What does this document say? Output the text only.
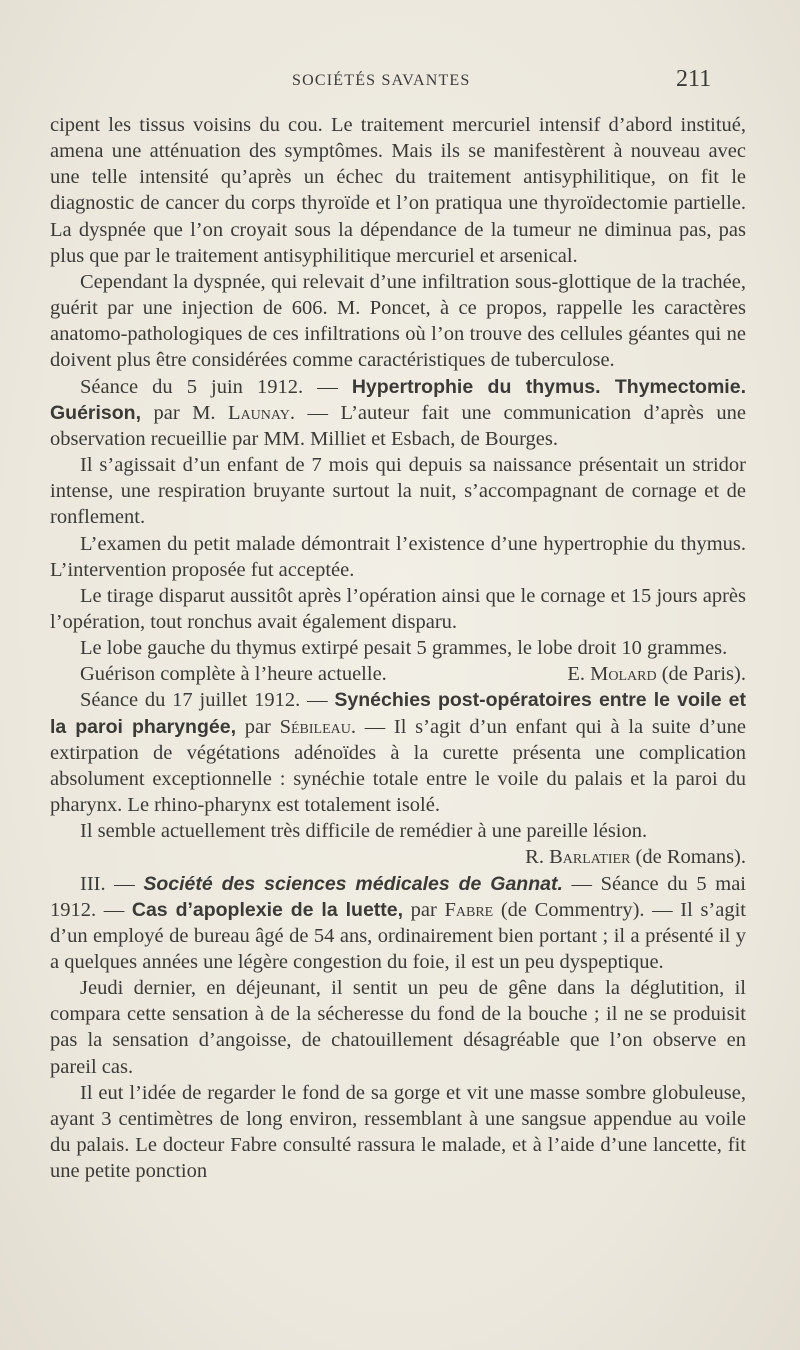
SOCIÉTÉS SAVANTES	211

cipent les tissus voisins du cou. Le traitement mercuriel intensif d’abord institué, amena une atténuation des symptômes. Mais ils se manifestèrent à nouveau avec une telle intensité qu’après un échec du traitement antisyphilitique, on fit le diagnostic de cancer du corps thyroïde et l’on pratiqua une thyroïdectomie partielle. La dyspnée que l’on croyait sous la dépendance de la tumeur ne diminua pas, pas plus que par le traitement antisyphilitique mercuriel et arsenical.

Cependant la dyspnée, qui relevait d’une infiltration sous-glottique de la trachée, guérit par une injection de 606. M. Poncet, à ce propos, rappelle les caractères anatomo-pathologiques de ces infiltrations où l’on trouve des cellules géantes qui ne doivent plus être considérées comme caractéristiques de tuberculose.

Séance du 5 juin 1912. — Hypertrophie du thymus. Thymectomie. Guérison, par M. Launay. — L’auteur fait une communication d’après une observation recueillie par MM. Milliet et Esbach, de Bourges.

Il s’agissait d’un enfant de 7 mois qui depuis sa naissance présentait un stridor intense, une respiration bruyante surtout la nuit, s’accompagnant de cornage et de ronflement.

L’examen du petit malade démontrait l’existence d’une hypertrophie du thymus. L’intervention proposée fut acceptée.

Le tirage disparut aussitôt après l’opération ainsi que le cornage et 15 jours après l’opération, tout ronchus avait également disparu.

Le lobe gauche du thymus extirpé pesait 5 grammes, le lobe droit 10 grammes.

Guérison complète à l’heure actuelle.	E. Molard (de Paris).

Séance du 17 juillet 1912. — Synéchies post-opératoires entre le voile et la paroi pharyngée, par Sébileau. — Il s’agit d’un enfant qui à la suite d’une extirpation de végétations adénoïdes à la curette présenta une complication absolument exceptionnelle : synéchie totale entre le voile du palais et la paroi du pharynx. Le rhino-pharynx est totalement isolé.

Il semble actuellement très difficile de remédier à une pareille lésion.
R. Barlatier (de Romans).

III. — Société des sciences médicales de Gannat. — Séance du 5 mai 1912. — Cas d’apoplexie de la luette, par Fabre (de Commentry). — Il s’agit d’un employé de bureau âgé de 54 ans, ordinairement bien portant ; il a présenté il y a quelques années une légère congestion du foie, il est un peu dyspeptique.

Jeudi dernier, en déjeunant, il sentit un peu de gêne dans la déglutition, il compara cette sensation à de la sécheresse du fond de la bouche ; il ne se produisit pas la sensation d’angoisse, de chatouillement désagréable que l’on observe en pareil cas.

Il eut l’idée de regarder le fond de sa gorge et vit une masse sombre globuleuse, ayant 3 centimètres de long environ, ressemblant à une sangsue appendue au voile du palais. Le docteur Fabre consulté rassura le malade, et à l’aide d’une lancette, fit une petite ponction
